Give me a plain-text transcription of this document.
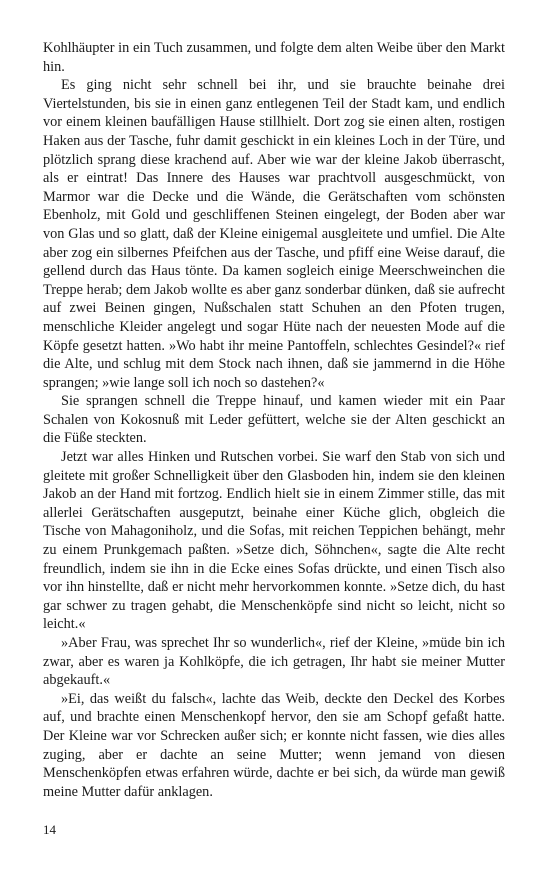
Kohlhäupter in ein Tuch zusammen, und folgte dem alten Weibe über den Markt hin.

Es ging nicht sehr schnell bei ihr, und sie brauchte beinahe drei Viertelstunden, bis sie in einen ganz entlegenen Teil der Stadt kam, und endlich vor einem kleinen baufälligen Hause stillhielt. Dort zog sie einen alten, rostigen Haken aus der Tasche, fuhr damit geschickt in ein kleines Loch in der Türe, und plötzlich sprang diese krachend auf. Aber wie war der kleine Jakob überrascht, als er eintrat! Das Innere des Hauses war prachtvoll ausgeschmückt, von Marmor war die Decke und die Wände, die Gerätschaften vom schönsten Ebenholz, mit Gold und geschliffenen Steinen eingelegt, der Boden aber war von Glas und so glatt, daß der Kleine einigemal ausgleitete und umfiel. Die Alte aber zog ein silbernes Pfeifchen aus der Tasche, und pfiff eine Weise darauf, die gellend durch das Haus tönte. Da kamen sogleich einige Meerschweinchen die Treppe herab; dem Jakob wollte es aber ganz sonderbar dünken, daß sie aufrecht auf zwei Beinen gingen, Nußschalen statt Schuhen an den Pfoten trugen, menschliche Kleider angelegt und sogar Hüte nach der neuesten Mode auf die Köpfe gesetzt hatten. »Wo habt ihr meine Pantoffeln, schlechtes Gesindel?« rief die Alte, und schlug mit dem Stock nach ihnen, daß sie jammernd in die Höhe sprangen; »wie lange soll ich noch so dastehen?«

Sie sprangen schnell die Treppe hinauf, und kamen wieder mit ein Paar Schalen von Kokosnuß mit Leder gefüttert, welche sie der Alten geschickt an die Füße steckten.

Jetzt war alles Hinken und Rutschen vorbei. Sie warf den Stab von sich und gleitete mit großer Schnelligkeit über den Glasboden hin, indem sie den kleinen Jakob an der Hand mit fortzog. Endlich hielt sie in einem Zimmer stille, das mit allerlei Gerätschaften ausgeputzt, beinahe einer Küche glich, obgleich die Tische von Mahagoniholz, und die Sofas, mit reichen Teppichen behängt, mehr zu einem Prunkgemach paßten. »Setze dich, Söhnchen«, sagte die Alte recht freundlich, indem sie ihn in die Ecke eines Sofas drückte, und einen Tisch also vor ihn hinstellte, daß er nicht mehr hervorkommen konnte. »Setze dich, du hast gar schwer zu tragen gehabt, die Menschenköpfe sind nicht so leicht, nicht so leicht.«

»Aber Frau, was sprechet Ihr so wunderlich«, rief der Kleine, »müde bin ich zwar, aber es waren ja Kohlköpfe, die ich getragen, Ihr habt sie meiner Mutter abgekauft.«

»Ei, das weißt du falsch«, lachte das Weib, deckte den Deckel des Korbes auf, und brachte einen Menschenkopf hervor, den sie am Schopf gefaßt hatte. Der Kleine war vor Schrecken außer sich; er konnte nicht fassen, wie dies alles zuging, aber er dachte an seine Mutter; wenn jemand von diesen Menschenköpfen etwas erfahren würde, dachte er bei sich, da würde man gewiß meine Mutter dafür anklagen.

14
